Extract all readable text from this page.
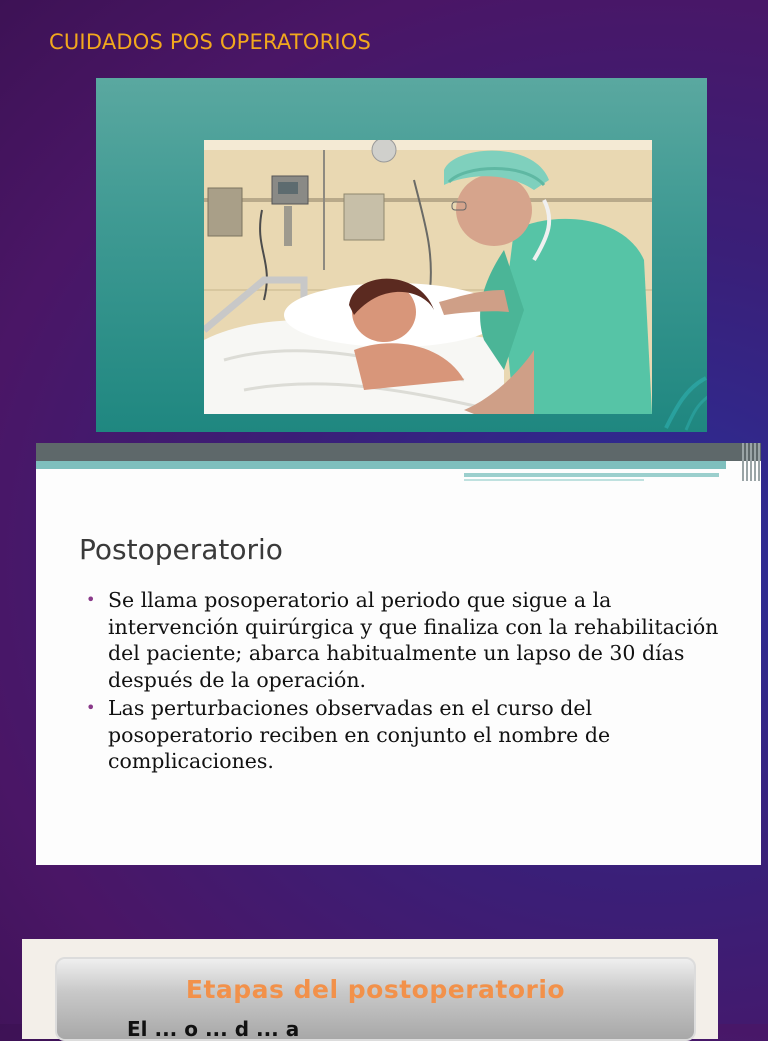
CUIDADOS POS OPERATORIOS
Postoperatorio
• Se llama posoperatorio al periodo que sigue a la intervención quirúrgica y que finaliza con la rehabilitación del paciente; abarca habitualmente un lapso de 30 días después de la operación.
• Las perturbaciones observadas en el curso del posoperatorio reciben en conjunto el nombre de complicaciones.
Etapas del postoperatorio
El ... o ... d ... a
